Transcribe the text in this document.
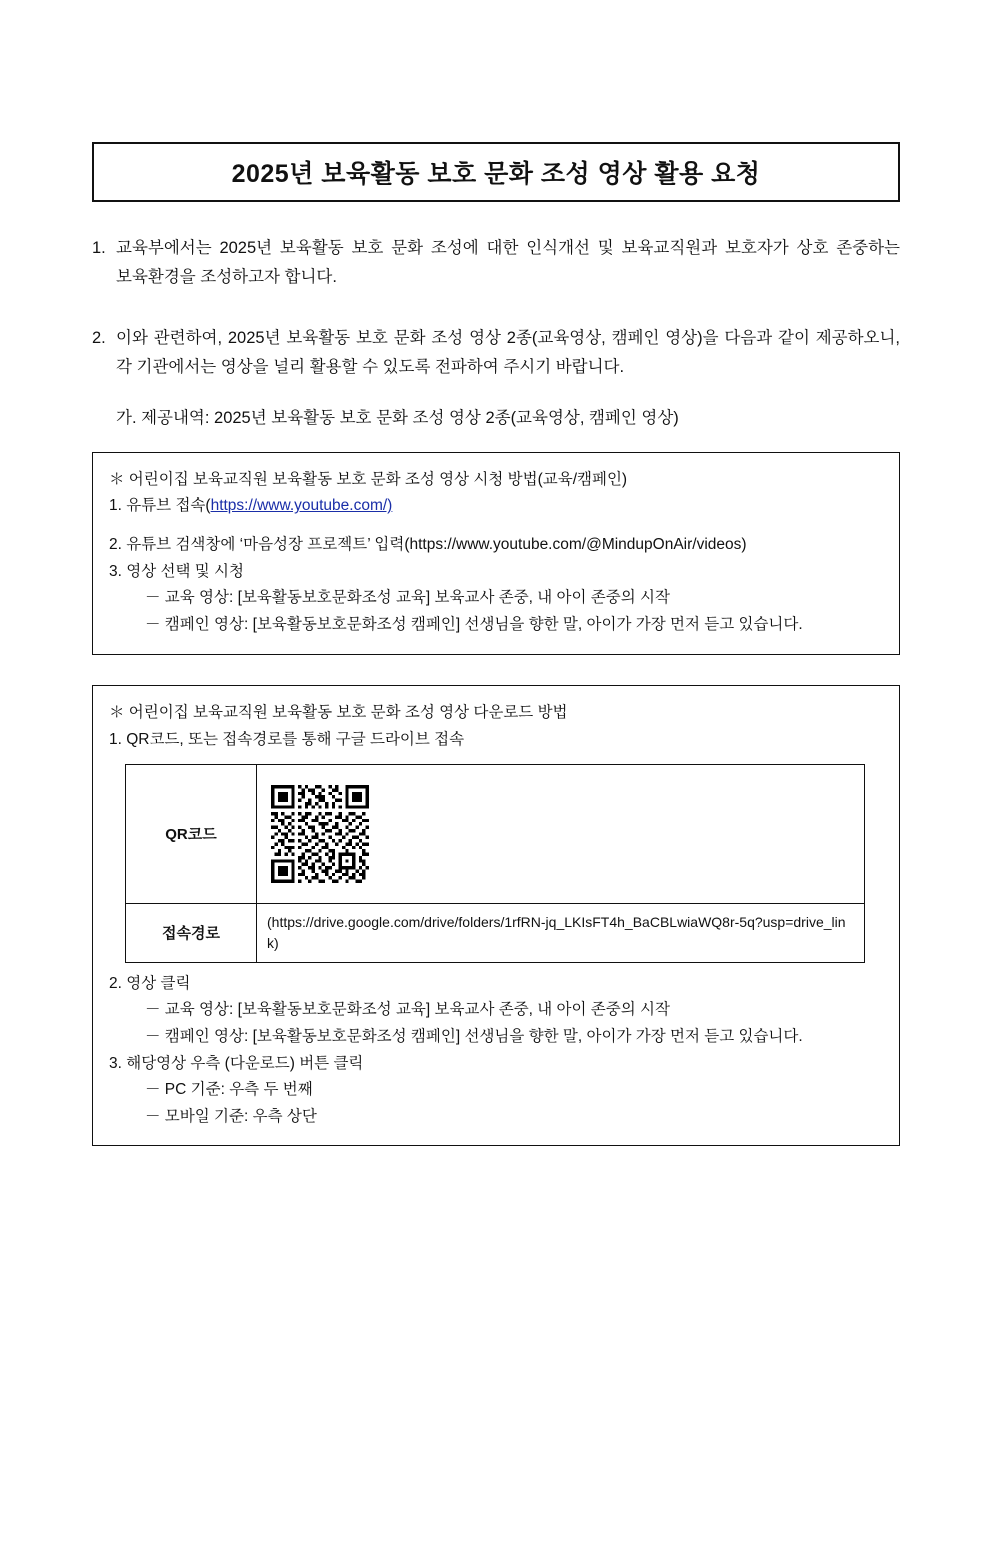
2025년 보육활동 보호 문화 조성 영상 활용 요청
1. 교육부에서는 2025년 보육활동 보호 문화 조성에 대한 인식개선 및 보육교직원과 보호자가 상호 존중하는 보육환경을 조성하고자 합니다.
2. 이와 관련하여, 2025년 보육활동 보호 문화 조성 영상 2종(교육영상, 캠페인 영상)을 다음과 같이 제공하오니, 각 기관에서는 영상을 널리 활용할 수 있도록 전파하여 주시기 바랍니다.
가. 제공내역: 2025년 보육활동 보호 문화 조성 영상 2종(교육영상, 캠페인 영상)
＊ 어린이집 보육교직원 보육활동 보호 문화 조성 영상 시청 방법(교육/캠페인)
1. 유튜브 접속(https://www.youtube.com/)
2. 유튜브 검색창에 ‘마음성장 프로젝트’ 입력(https://www.youtube.com/@MindupOnAir/videos)
3. 영상 선택 및 시청
－ 교육 영상: [보육활동보호문화조성 교육] 보육교사 존중, 내 아이 존중의 시작
－ 캠페인 영상: [보육활동보호문화조성 캠페인] 선생님을 향한 말, 아이가 가장 먼저 듣고 있습니다.
＊ 어린이집 보육교직원 보육활동 보호 문화 조성 영상 다운로드 방법
1. QR코드, 또는 접속경로를 통해 구글 드라이브 접속
QR코드	

접속경로	(https://drive.google.com/drive/folders/1rfRN-jq_LKIsFT4h_BaCBLwiaWQ8r-5q?usp=drive_link)
2. 영상 클릭
－ 교육 영상: [보육활동보호문화조성 교육] 보육교사 존중, 내 아이 존중의 시작
－ 캠페인 영상: [보육활동보호문화조성 캠페인] 선생님을 향한 말, 아이가 가장 먼저 듣고 있습니다.
3. 해당영상 우측 (다운로드) 버튼 클릭
－ PC 기준: 우측 두 번째
－ 모바일 기준: 우측 상단
